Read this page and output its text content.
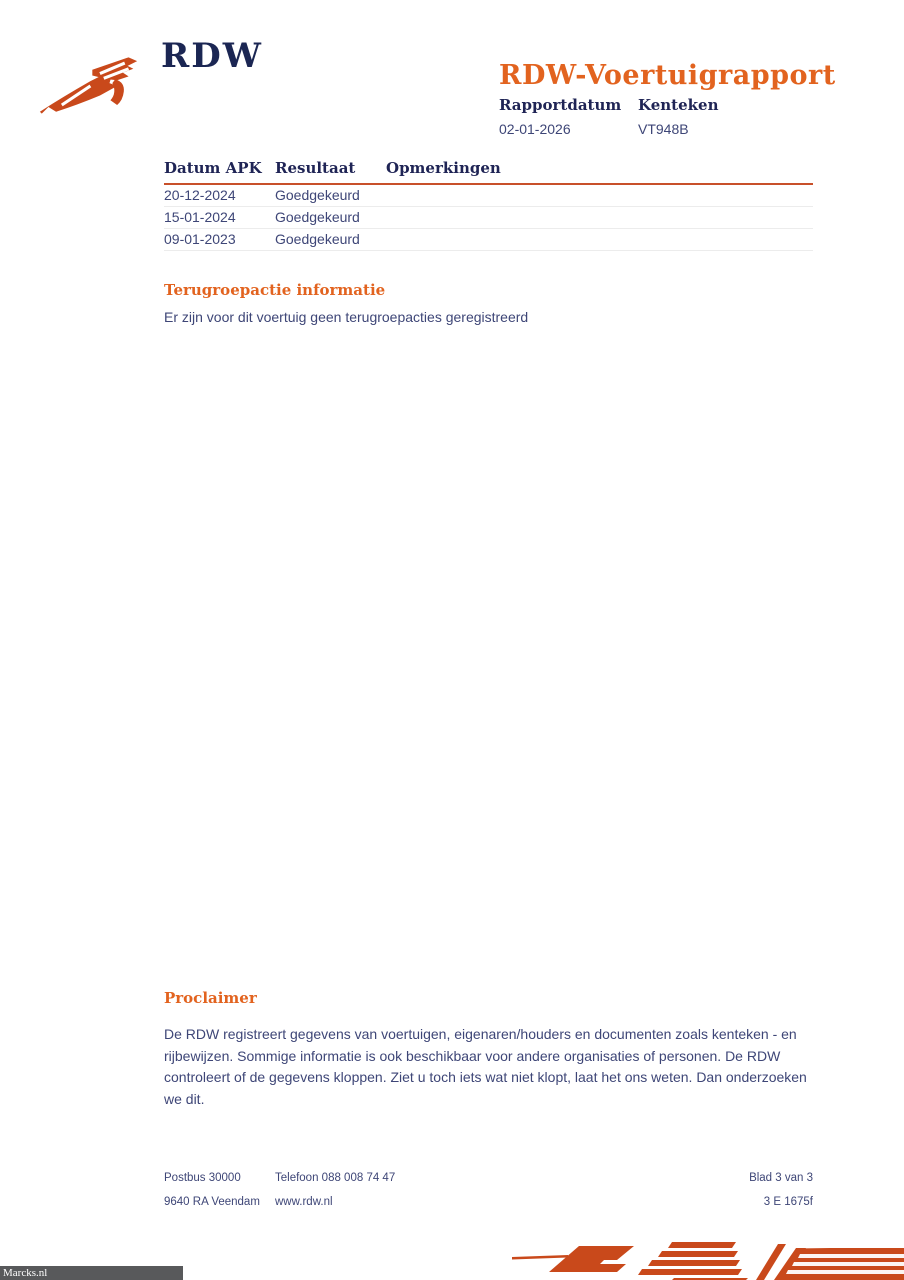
RDW	RDW-Voertuigrapport
Rapportdatum
02-01-2026
Kenteken
VT948B
Datum APK Resultaat	Opmerkingen
20-12-2024	Goedgekeurd
15-01-2024	Goedgekeurd
09-01-2023	Goedgekeurd
Terugroepactie informatie
Er zijn voor dit voertuig geen terugroepacties geregistreerd
Proclaimer
De RDW registreert gegevens van voertuigen, eigenaren/houders en documenten zoals kenteken - en rijbewijzen. Sommige informatie is ook beschikbaar voor andere organisaties of personen. De RDW controleert of de gegevens kloppen. Ziet u toch iets wat niet klopt, laat het ons weten. Dan onderzoeken we dit.
Postbus 30000	Telefoon 088 008 74 47	Blad 3 van 3
9640 RA Veendam	www.rdw.nl	3 E 1675f
Marcks.nl
